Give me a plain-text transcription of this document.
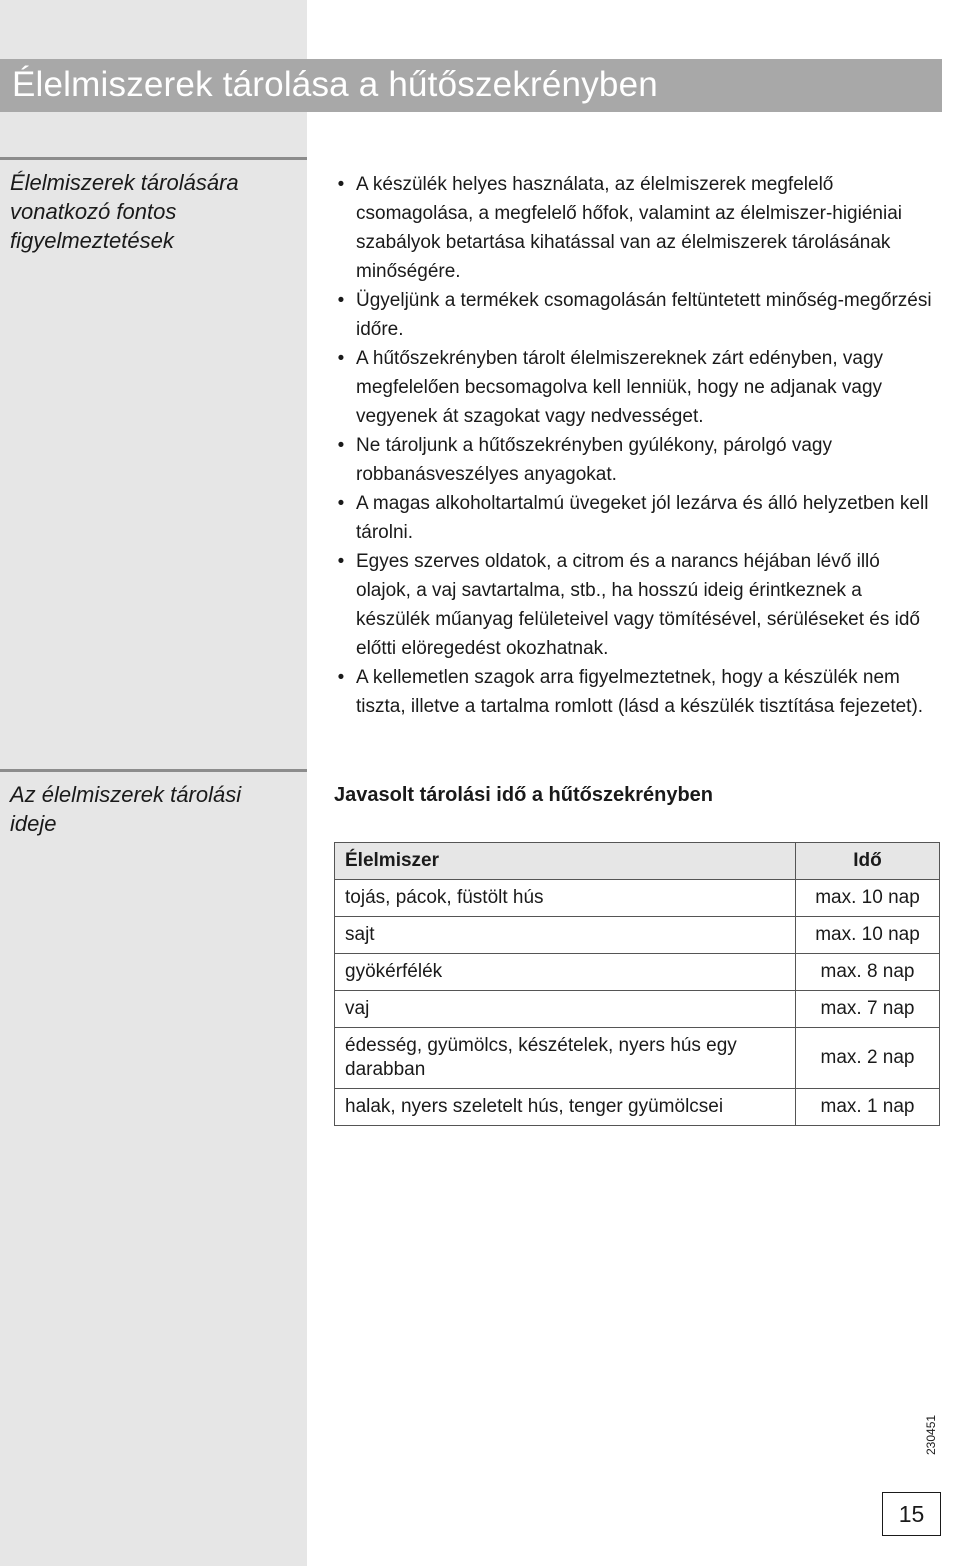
Élelmiszerek tárolása a hűtőszekrényben
Élelmiszerek tárolására vonatkozó fontos figyelmeztetések
• A készülék helyes használata, az élelmiszerek megfelelő csomagolása, a megfelelő hőfok, valamint az élelmiszer-higiéniai szabályok betartása kihatással van az élelmiszerek tárolásának minőségére.
• Ügyeljünk a termékek csomagolásán feltüntetett minőség-megőrzési időre.
• A hűtőszekrényben tárolt élelmiszereknek zárt edényben, vagy megfelelően becsomagolva kell lenniük, hogy ne adjanak vagy vegyenek át szagokat vagy nedvességet.
• Ne tároljunk a hűtőszekrényben gyúlékony, párolgó vagy robbanásveszélyes anyagokat.
• A magas alkoholtartalmú üvegeket jól lezárva és álló helyzetben kell tárolni.
• Egyes szerves oldatok, a citrom és a narancs héjában lévő illó olajok, a vaj savtartalma, stb., ha hosszú ideig érintkeznek a készülék műanyag felületeivel vagy tömítésével, sérüléseket és idő előtti elöregedést okozhatnak.
• A kellemetlen szagok arra figyelmeztetnek, hogy a készülék nem tiszta, illetve a tartalma romlott (lásd a készülék tisztítása fejezetet).
Az élelmiszerek tárolási ideje
Javasolt tárolási idő a hűtőszekrényben
Élelmiszer	Idő
tojás, pácok, füstölt hús	max. 10 nap
sajt	max. 10 nap
gyökérfélék	max. 8 nap
vaj	max. 7 nap
édesség, gyümölcs, készételek, nyers hús egy darabban	max. 2 nap
halak, nyers szeletelt hús, tenger gyümölcsei	max. 1 nap
230451
15
